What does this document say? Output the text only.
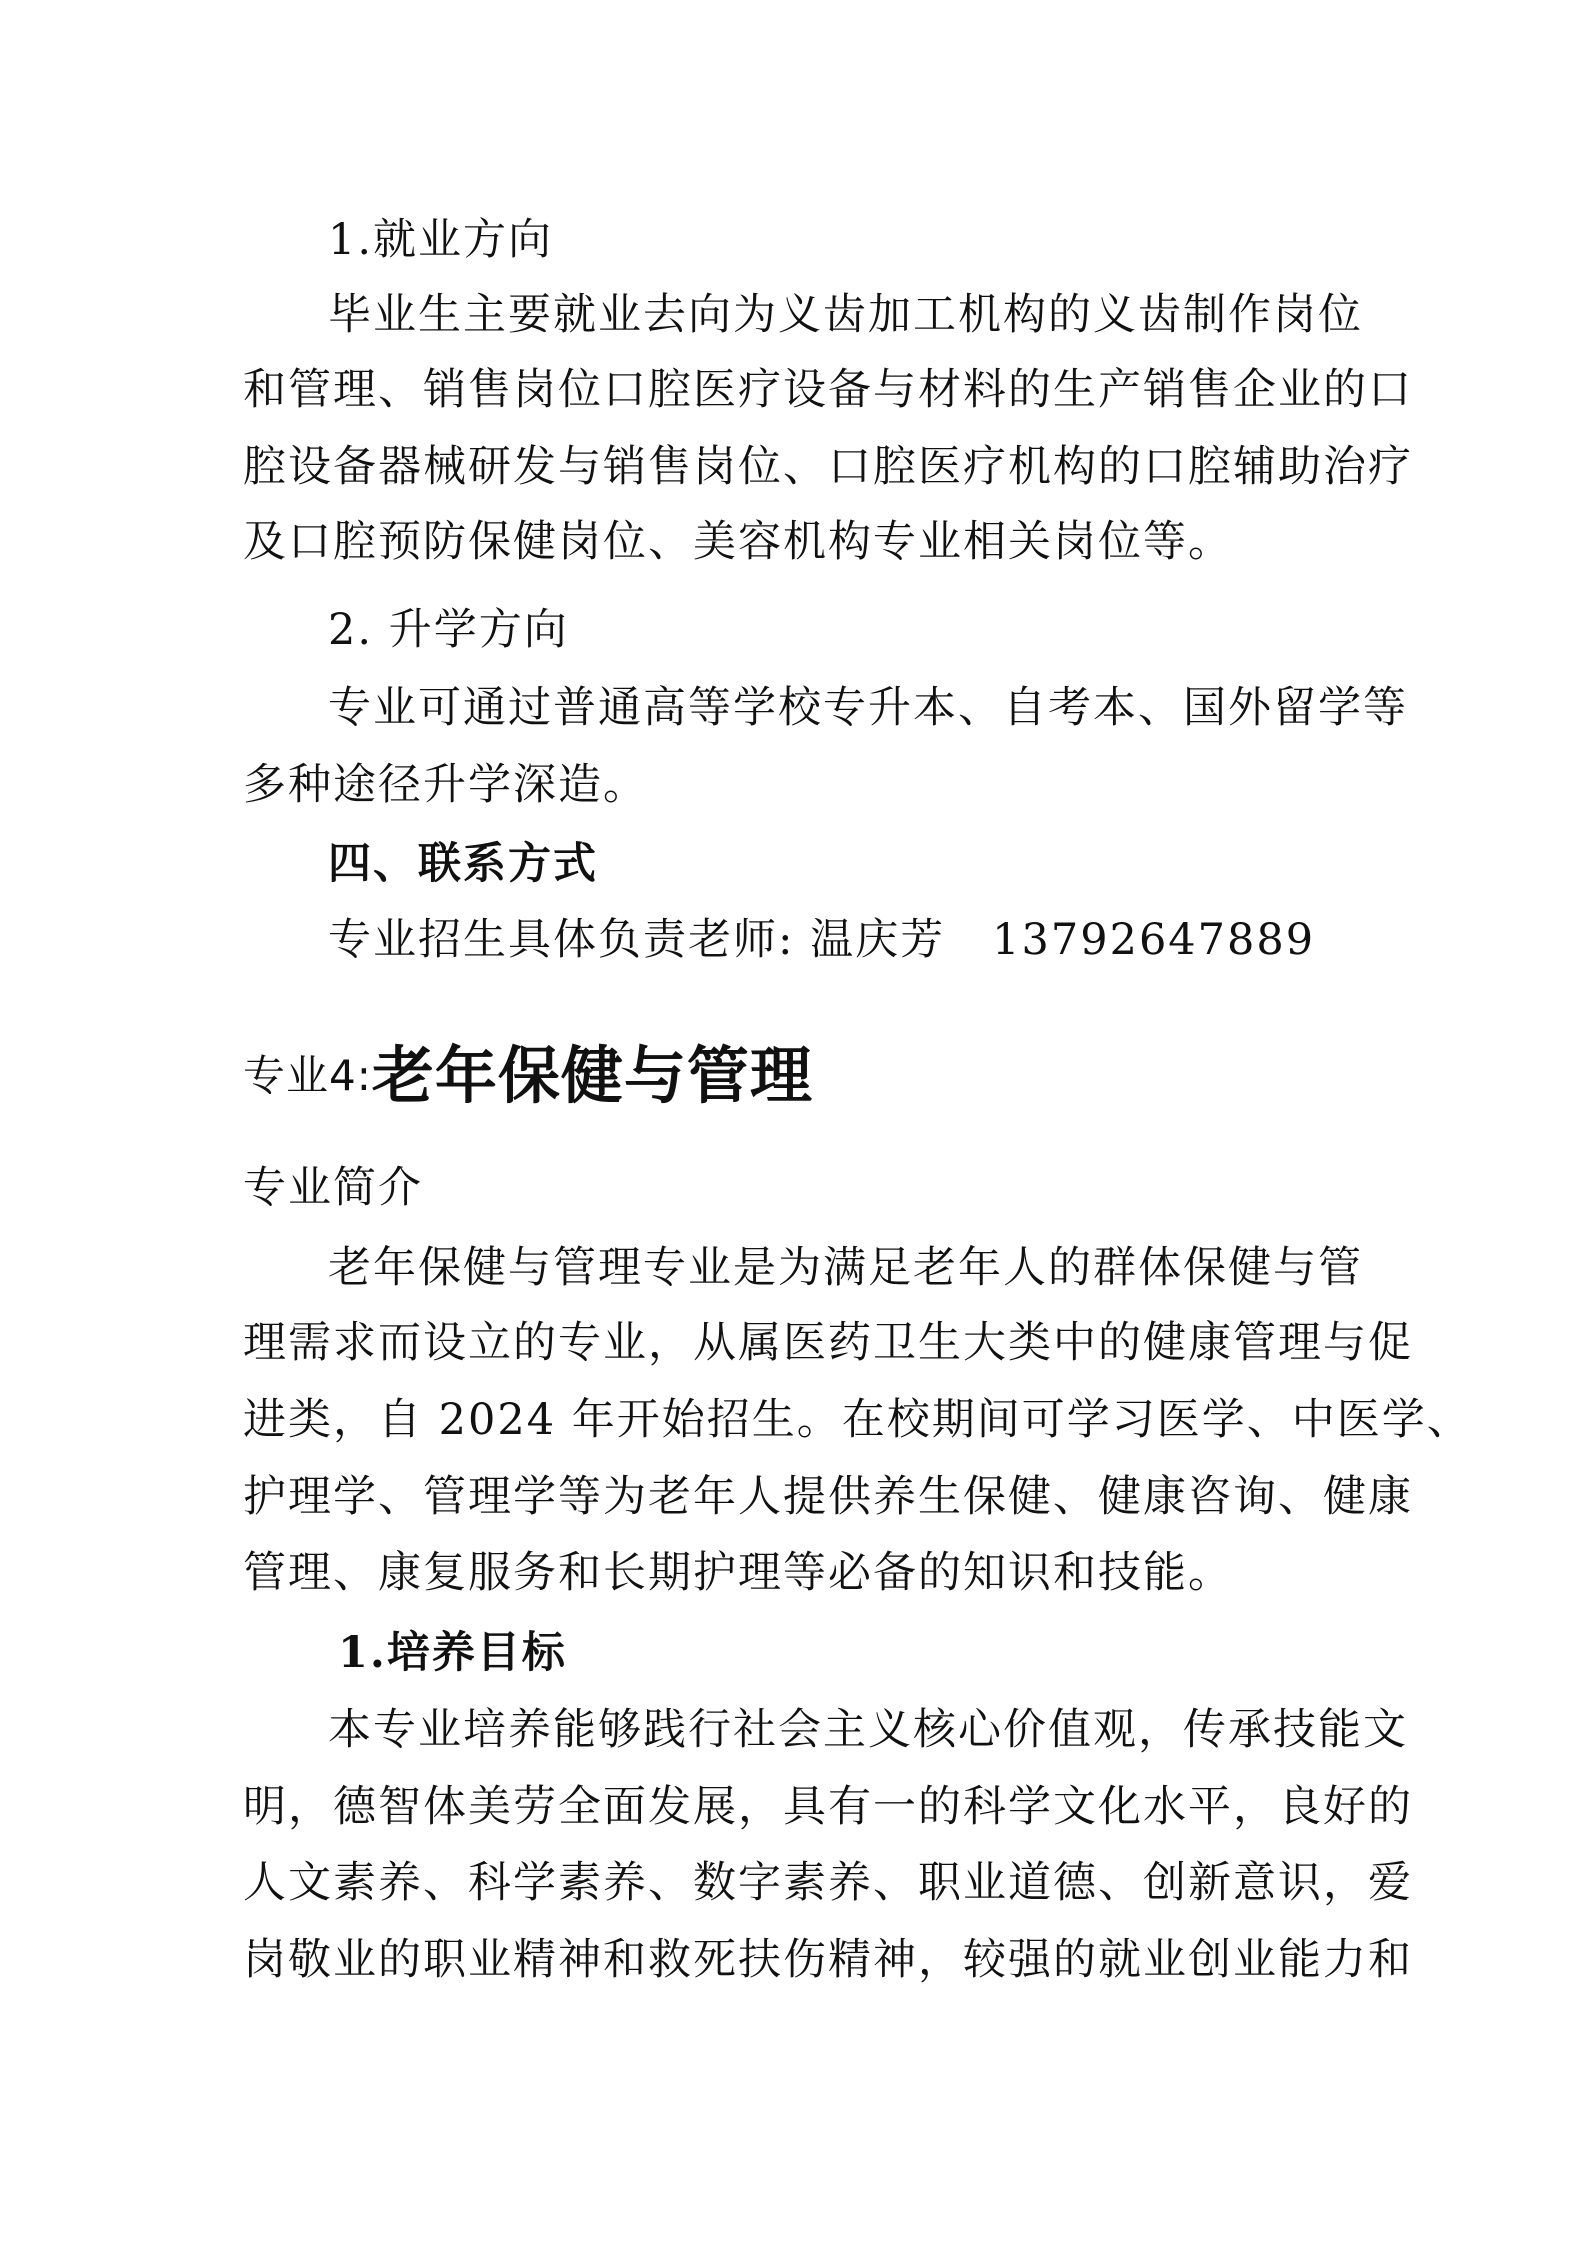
1.就业方向
毕业生主要就业去向为义齿加工机构的义齿制作岗位
和管理、销售岗位口腔医疗设备与材料的生产销售企业的口
腔设备器械研发与销售岗位、口腔医疗机构的口腔辅助治疗
及口腔预防保健岗位、美容机构专业相关岗位等。
2. 升学方向
专业可通过普通高等学校专升本、自考本、国外留学等
多种途径升学深造。
四、联系方式
专业招生具体负责老师: 温庆芳   13792647889
专业4:老年保健与管理
专业简介
老年保健与管理专业是为满足老年人的群体保健与管
理需求而设立的专业，从属医药卫生大类中的健康管理与促
进类，自 2024 年开始招生。在校期间可学习医学、中医学、
护理学、管理学等为老年人提供养生保健、健康咨询、健康
管理、康复服务和长期护理等必备的知识和技能。
1.培养目标
本专业培养能够践行社会主义核心价值观，传承技能文
明，德智体美劳全面发展，具有一的科学文化水平，良好的
人文素养、科学素养、数字素养、职业道德、创新意识，爱
岗敬业的职业精神和救死扶伤精神，较强的就业创业能力和
